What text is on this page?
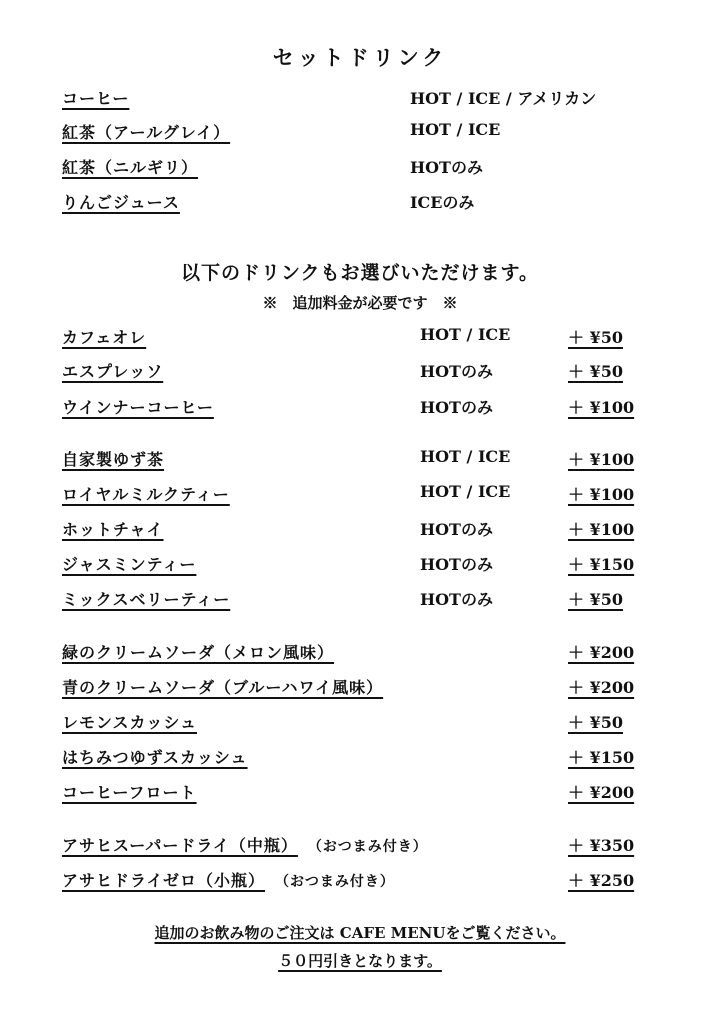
セットドリンク
コーヒー	HOT / ICE / アメリカン
紅茶（アールグレイ）	HOT / ICE
紅茶（ニルギリ）	HOTのみ
りんごジュース	ICEのみ
以下のドリンクもお選びいただけます。
※　追加料金が必要です　※
カフェオレ	HOT / ICE	＋ ¥50
エスプレッソ	HOTのみ	＋ ¥50
ウインナーコーヒー	HOTのみ	＋ ¥100
自家製ゆず茶	HOT / ICE	＋ ¥100
ロイヤルミルクティー	HOT / ICE	＋ ¥100
ホットチャイ	HOTのみ	＋ ¥100
ジャスミンティー	HOTのみ	＋ ¥150
ミックスベリーティー	HOTのみ	＋ ¥50
緑のクリームソーダ（メロン風味）	＋ ¥200
青のクリームソーダ（ブルーハワイ風味）	＋ ¥200
レモンスカッシュ	＋ ¥50
はちみつゆずスカッシュ	＋ ¥150
コーヒーフロート	＋ ¥200
アサヒスーパードライ（中瓶） （おつまみ付き）	＋ ¥350
アサヒドライゼロ（小瓶） （おつまみ付き）	＋ ¥250
追加のお飲み物のご注文は CAFE MENUをご覧ください。
５０円引きとなります。
